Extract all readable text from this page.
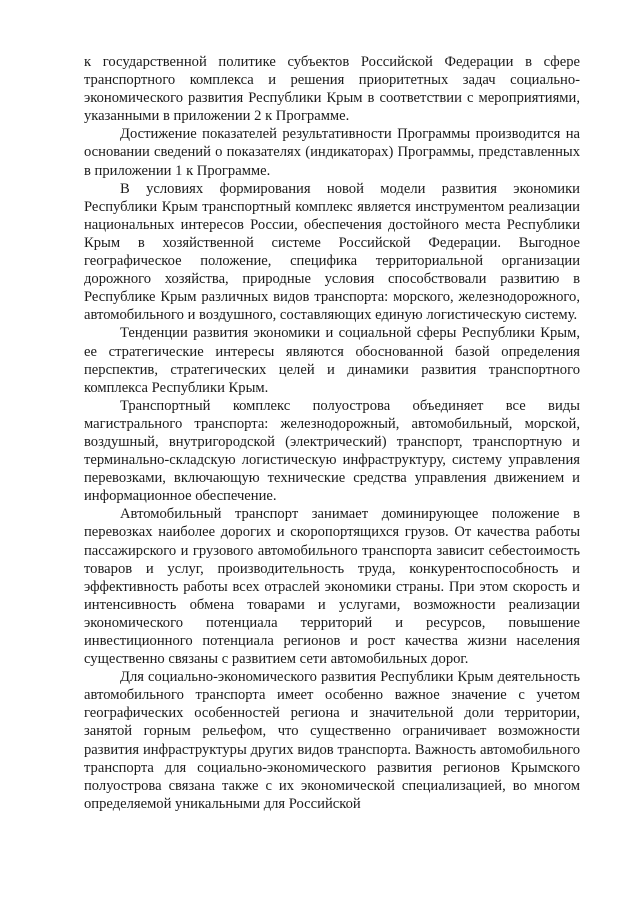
к государственной политике субъектов Российской Федерации в сфере транспортного комплекса и решения приоритетных задач социально-экономического развития Республики Крым в соответствии с мероприятиями, указанными в приложении 2 к Программе.

Достижение показателей результативности Программы производится на основании сведений о показателях (индикаторах) Программы, представленных в приложении 1 к Программе.

В условиях формирования новой модели развития экономики Республики Крым транспортный комплекс является инструментом реализации национальных интересов России, обеспечения достойного места Республики Крым в хозяйственной системе Российской Федерации. Выгодное географическое положение, специфика территориальной организации дорожного хозяйства, природные условия способствовали развитию в Республике Крым различных видов транспорта: морского, железнодорожного, автомобильного и воздушного, составляющих единую логистическую систему.

Тенденции развития экономики и социальной сферы Республики Крым, ее стратегические интересы являются обоснованной базой определения перспектив, стратегических целей и динамики развития транспортного комплекса Республики Крым.

Транспортный комплекс полуострова объединяет все виды магистрального транспорта: железнодорожный, автомобильный, морской, воздушный, внутригородской (электрический) транспорт, транспортную и терминально-складскую логистическую инфраструктуру, систему управления перевозками, включающую технические средства управления движением и информационное обеспечение.

Автомобильный транспорт занимает доминирующее положение в перевозках наиболее дорогих и скоропортящихся грузов. От качества работы пассажирского и грузового автомобильного транспорта зависит себестоимость товаров и услуг, производительность труда, конкурентоспособность и эффективность работы всех отраслей экономики страны. При этом скорость и интенсивность обмена товарами и услугами, возможности реализации экономического потенциала территорий и ресурсов, повышение инвестиционного потенциала регионов и рост качества жизни населения существенно связаны с развитием сети автомобильных дорог.

Для социально-экономического развития Республики Крым деятельность автомобильного транспорта имеет особенно важное значение с учетом географических особенностей региона и значительной доли территории, занятой горным рельефом, что существенно ограничивает возможности развития инфраструктуры других видов транспорта. Важность автомобильного транспорта для социально-экономического развития регионов Крымского полуострова связана также с их экономической специализацией, во многом определяемой уникальными для Российской
